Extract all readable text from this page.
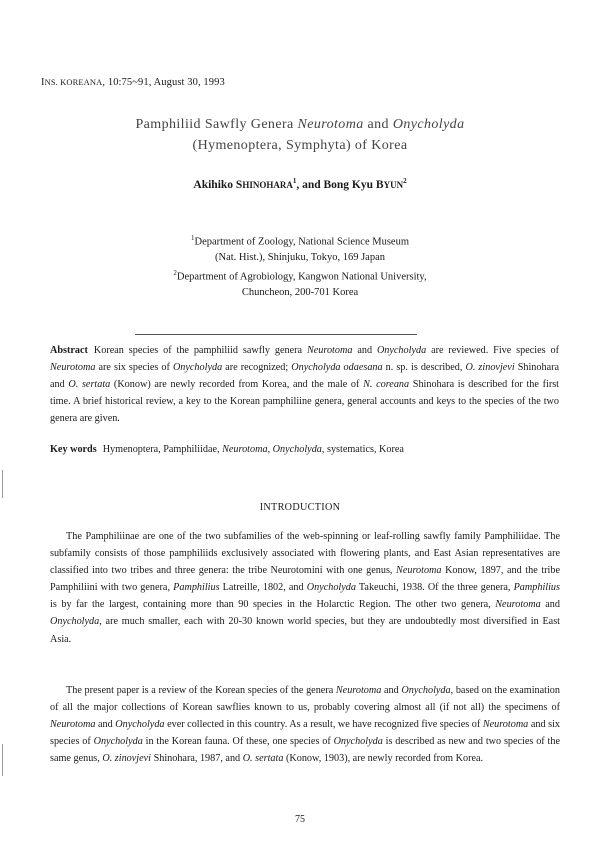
INS. KOREANA, 10:75~91, August 30, 1993
Pamphiliid Sawfly Genera Neurotoma and Onycholyda
(Hymenoptera, Symphyta) of Korea
Akihiko SHINOHARA$^1$, and Bong Kyu BYUN$^2$
$^1$Department of Zoology, National Science Museum
(Nat. Hist.), Shinjuku, Tokyo, 169 Japan
$^2$Department of Agrobiology, Kangwon National University,
Chuncheon, 200-701 Korea
Abstract Korean species of the pamphiliid sawfly genera Neurotoma and Onycholyda are reviewed. Five species of Neurotoma are six species of Onycholyda are recognized; Onycholyda odaesana n. sp. is described, O. zinovjevi Shinohara and O. sertata (Konow) are newly recorded from Korea, and the male of N. coreana Shinohara is described for the first time. A brief historical review, a key to the Korean pamphiliine genera, general accounts and keys to the species of the two genera are given.
Key words Hymenoptera, Pamphiliidae, Neurotoma, Onycholyda, systematics, Korea
INTRODUCTION
The Pamphiliinae are one of the two subfamilies of the web-spinning or leaf-rolling sawfly family Pamphiliidae. The subfamily consists of those pamphiliids exclusively associated with flowering plants, and East Asian representatives are classified into two tribes and three genera: the tribe Neurotomini with one genus, Neurotoma Konow, 1897, and the tribe Pamphiliini with two genera, Pamphilius Latreille, 1802, and Onycholyda Takeuchi, 1938. Of the three genera, Pamphilius is by far the largest, containing more than 90 species in the Holarctic Region. The other two genera, Neurotoma and Onycholyda, are much smaller, each with 20-30 known world species, but they are undoubtedly most diversified in East Asia.
The present paper is a review of the Korean species of the genera Neurotoma and Onycholyda, based on the examination of all the major collections of Korean sawflies known to us, probably covering almost all (if not all) the specimens of Neurotoma and Onycholyda ever collected in this country. As a result, we have recognized five species of Neurotoma and six species of Onycholyda in the Korean fauna. Of these, one species of Onycholyda is described as new and two species of the same genus, O. zinovjevi Shinohara, 1987, and O. sertata (Konow, 1903), are newly recorded from Korea.
75
